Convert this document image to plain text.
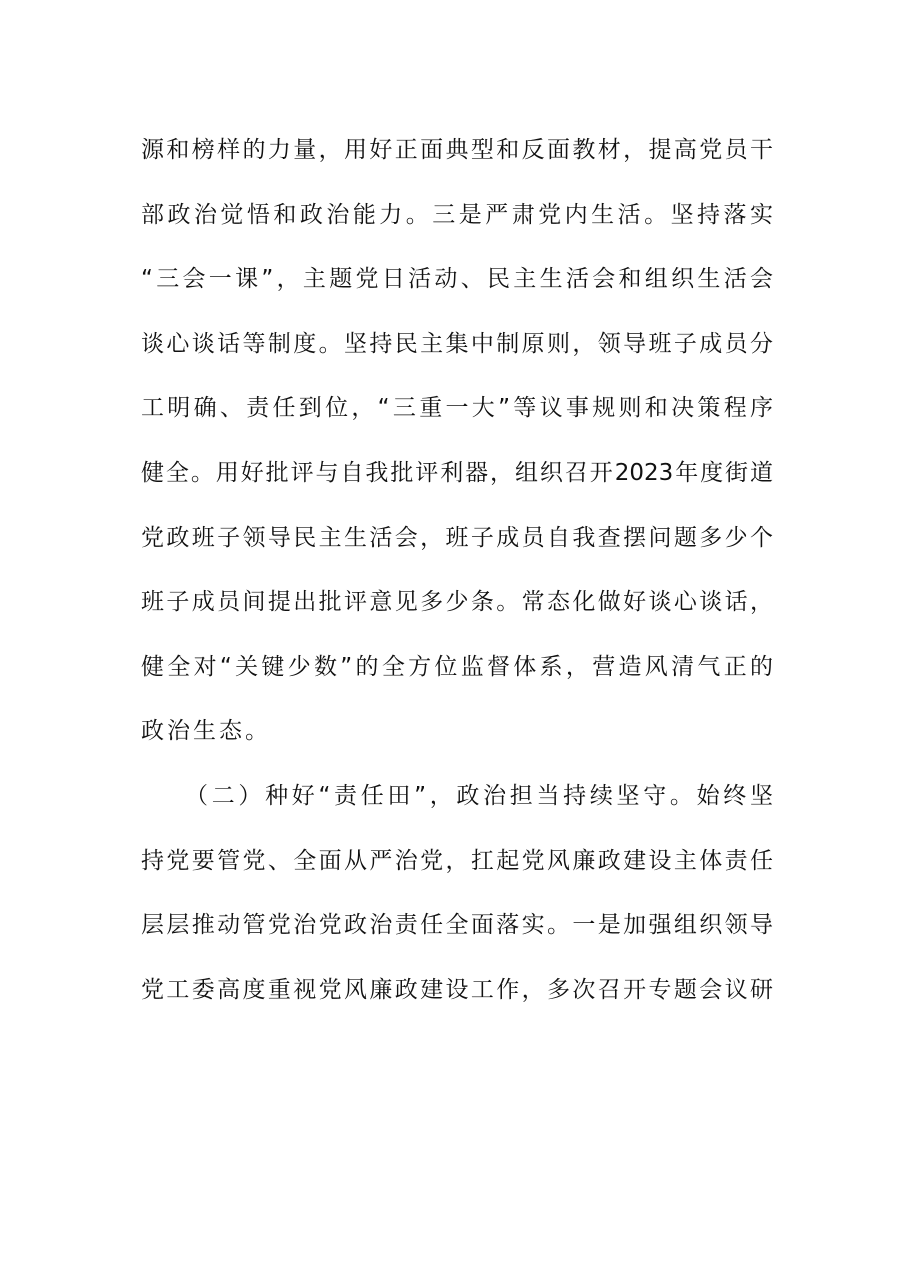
源和榜样的力量，用好正面典型和反面教材，提高党员干
部政治觉悟和政治能力。三是严肃党内生活。坚持落实
“三会一课”，主题党日活动、民主生活会和组织生活会
谈心谈话等制度。坚持民主集中制原则，领导班子成员分
工明确、责任到位，“三重一大”等议事规则和决策程序
健全。用好批评与自我批评利器，组织召开2023年度街道
党政班子领导民主生活会，班子成员自我查摆问题多少个
班子成员间提出批评意见多少条。常态化做好谈心谈话，
健全对“关键少数”的全方位监督体系，营造风清气正的
政治生态。
（二）种好“责任田”，政治担当持续坚守。始终坚
持党要管党、全面从严治党，扛起党风廉政建设主体责任
层层推动管党治党政治责任全面落实。一是加强组织领导
党工委高度重视党风廉政建设工作，多次召开专题会议研
